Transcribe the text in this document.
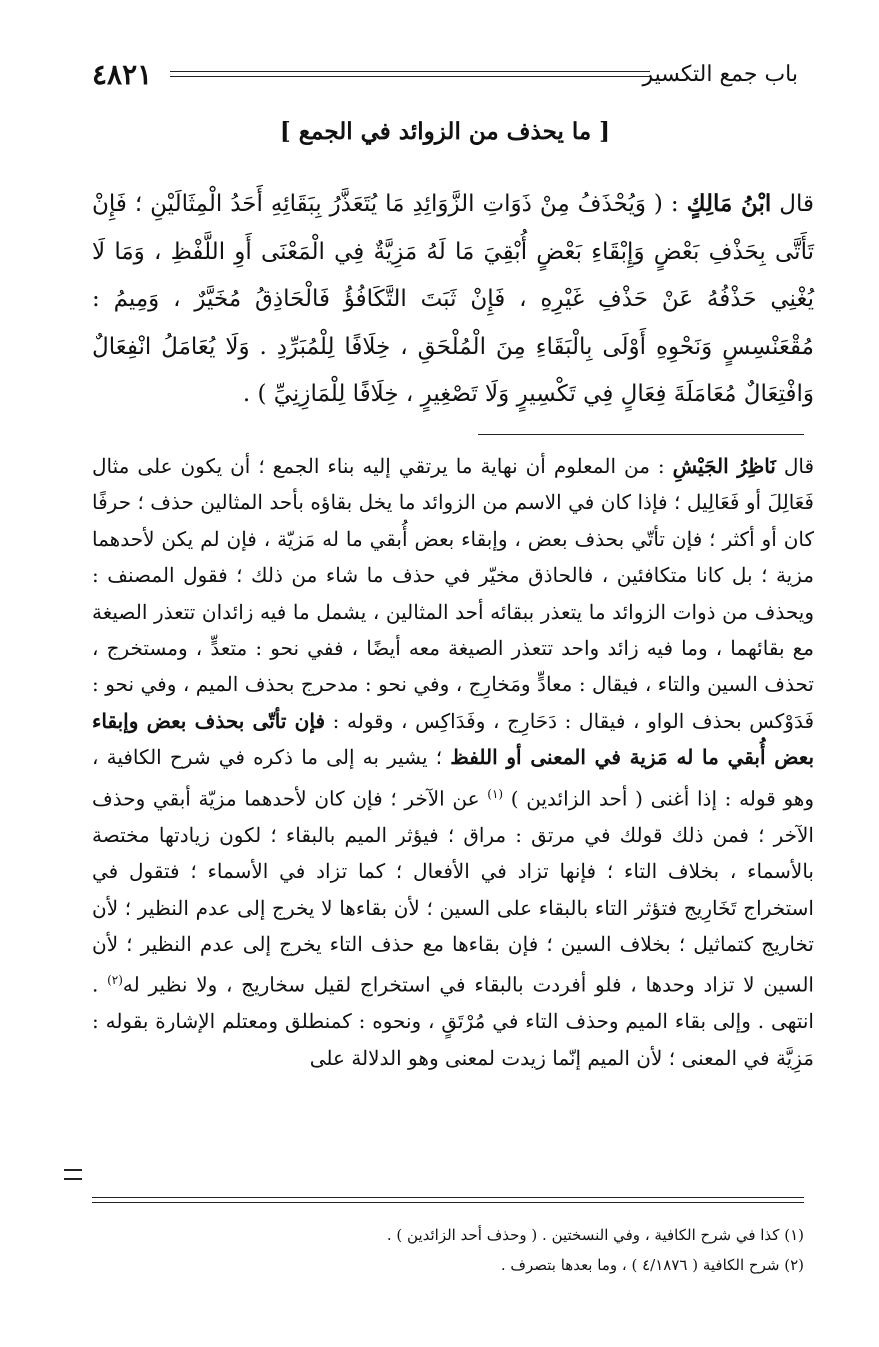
٤٨٢١	باب جمع التكسير
[ ما يحذف من الزوائد في الجمع ]
قال ابْنُ مَالِكٍ : ( وَيُحْذَفُ مِنْ ذَوَاتِ الزَّوَائِدِ مَا يُتَعَذَّرُ بِبَقَائِهِ أَحَدُ الْمِثَالَيْنِ ؛ فَإِنْ تَأَتَّى بِحَذْفِ بَعْضٍ وَإِبْقَاءِ بَعْضٍ أُبْقِيَ مَا لَهُ مَزِيَّةٌ فِي الْمَعْنَى أَوِ اللَّفْظِ ، وَمَا لَا يُغْنِي حَذْفُهُ عَنْ حَذْفِ غَيْرِهِ ، فَإِنْ ثَبَتَ التَّكَافُؤُ فَالْحَاذِقُ مُخَيَّرٌ ، وَمِيمُ : مُقْعَنْسِسٍ وَنَحْوِهِ أَوْلَى بِالْبَقَاءِ مِنَ الْمُلْحَقِ ، خِلَافًا لِلْمُبَرِّدِ . وَلَا يُعَامَلُ انْفِعَالٌ وَافْتِعَالٌ مُعَامَلَةَ فِعَالٍ فِي تَكْسِيرٍ وَلَا تَصْغِيرٍ ، خِلَافًا لِلْمَازِنِيِّ ) .
قال نَاظِرُ الجَيْشِ : من المعلوم أن نهاية ما يرتقي إليه بناء الجمع ؛ أن يكون على مثال فَعَالِلَ أو فَعَالِيل ؛ فإذا كان في الاسم من الزوائد ما يخل بقاؤه بأحد المثالين حذف ؛ حرفًا كان أو أكثر ؛ فإن تأتّي بحذف بعض ، وإبقاء بعض أُبقي ما له مَزيّة ، فإن لم يكن لأحدهما مزية ؛ بل كانا متكافئين ، فالحاذق مخيّر في حذف ما شاء من ذلك ؛ فقول المصنف : ويحذف من ذوات الزوائد ما يتعذر ببقائه أحد المثالين ، يشمل ما فيه زائدان تتعذر الصيغة مع بقائهما ، وما فيه زائد واحد تتعذر الصيغة معه أيضًا ، ففي نحو : متعدٍّ ، ومستخرج ، تحذف السين والتاء ، فيقال : معادٍّ ومَخارِج ، وفي نحو : مدحرج بحذف الميم ، وفي نحو : فَدَوْكس بحذف الواو ، فيقال : دَحَارِج ، وفَدَاكِس ، وقوله : فإن تأتّى بحذف بعض وإبقاء بعض أُبقي ما له مَزية في المعنى أو اللفظ ؛ يشير به إلى ما ذكره في شرح الكافية ، وهو قوله : إذا أغنى ( أحد الزائدين ) $^{(١)}$ عن الآخر ؛ فإن كان لأحدهما مزيّة أبقي وحذف الآخر ؛ فمن ذلك قولك في مرتق : مراق ؛ فيؤثر الميم بالبقاء ؛ لكون زيادتها مختصة بالأسماء ، بخلاف التاء ؛ فإنها تزاد في الأفعال ؛ كما تزاد في الأسماء ؛ فتقول في استخراج تَخَارِيج فتؤثر التاء بالبقاء على السين ؛ لأن بقاءها لا يخرج إلى عدم النظير ؛ لأن تخاريج كتماثيل ؛ بخلاف السين ؛ فإن بقاءها مع حذف التاء يخرج إلى عدم النظير ؛ لأن السين لا تزاد وحدها ، فلو أفردت بالبقاء في استخراج لقيل سخاريج ، ولا نظير له$^{(٢)}$ . انتهى . وإلى بقاء الميم وحذف التاء في مُرْتَقٍ ، ونحوه : كمنطلق ومعتلم الإشارة بقوله : مَزِيَّة في المعنى ؛ لأن الميم إنّما زيدت لمعنى وهو الدلالة على
(١) كذا في شرح الكافية ، وفي النسختين . ( وحذف أحد الزائدين ) .
(٢) شرح الكافية ( ٤/١٨٧٦ ) ، وما بعدها بتصرف .
